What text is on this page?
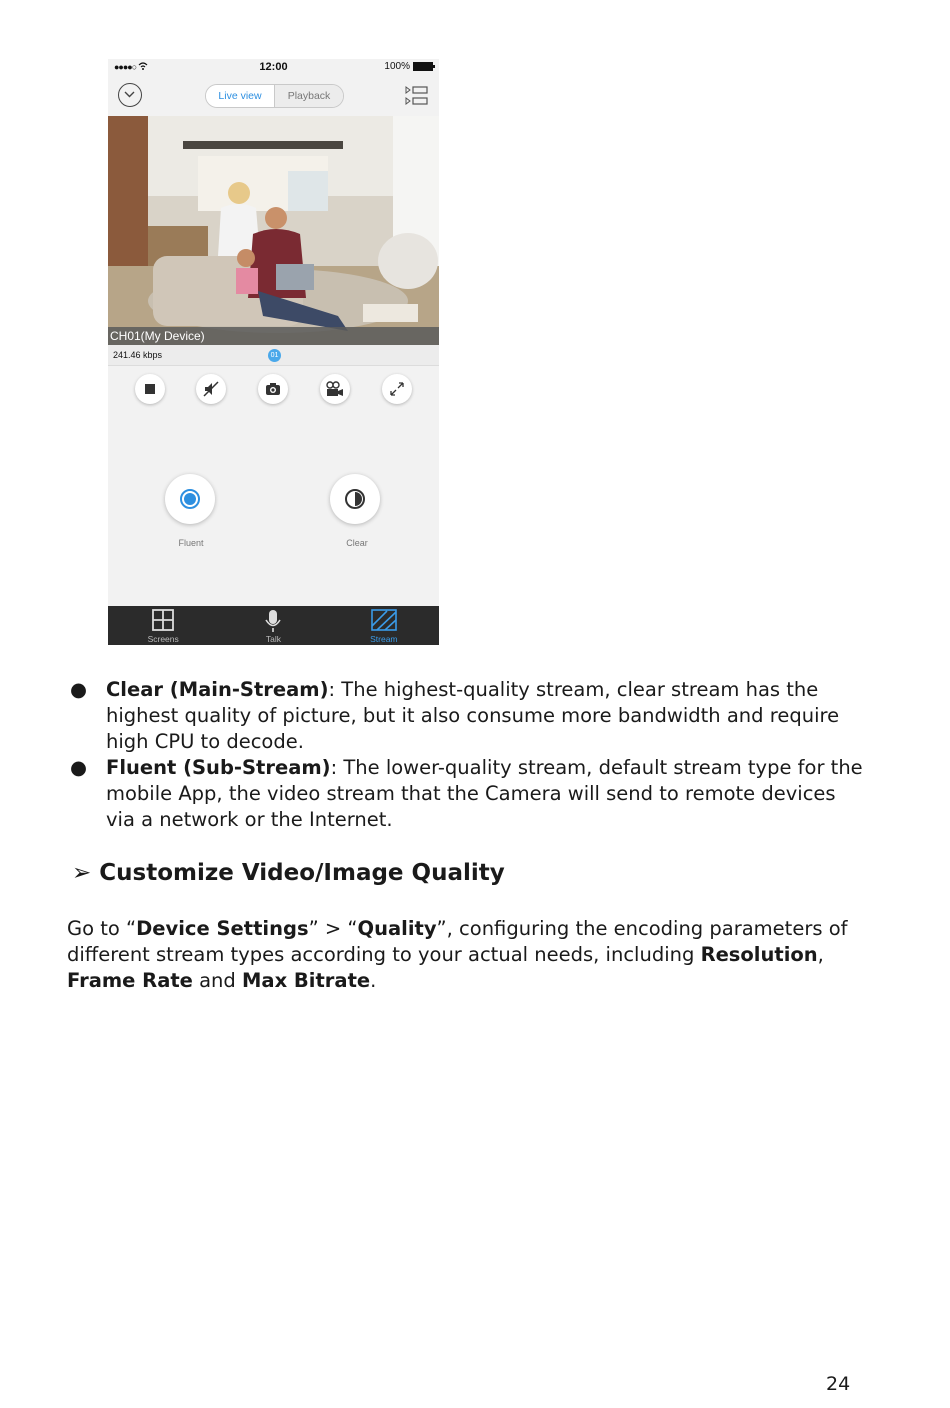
●●●●○	12:00	100%
Live view	Playback
CH01(My Device)
241.46 kbps	01
Fluent	Clear
Screens	Talk	Stream
● Clear (Main-Stream): The highest-quality stream, clear stream has the highest quality of picture, but it also consume more bandwidth and require high CPU to decode.
● Fluent (Sub-Stream): The lower-quality stream, default stream type for the mobile App, the video stream that the Camera will send to remote devices via a network or the Internet.
➢ Customize Video/Image Quality

Go to “Device Settings” > “Quality”, configuring the encoding parameters of different stream types according to your actual needs, including Resolution, Frame Rate and Max Bitrate.

24
